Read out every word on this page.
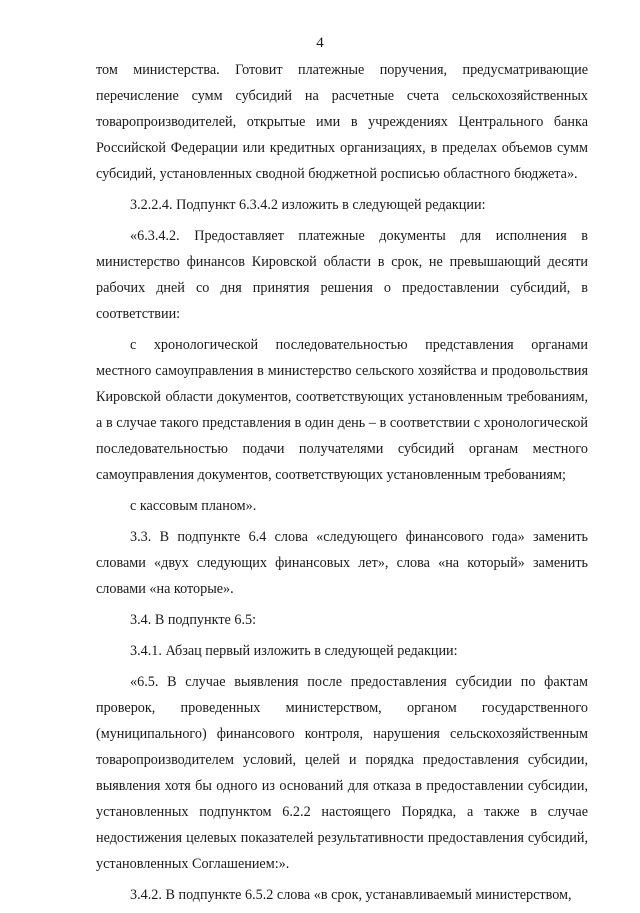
4

том министерства. Готовит платежные поручения, предусматривающие перечисление сумм субсидий на расчетные счета сельскохозяйственных товаропроизводителей, открытые ими в учреждениях Центрального банка Российской Федерации или кредитных организациях, в пределах объемов сумм субсидий, установленных сводной бюджетной росписью областного бюджета».

3.2.2.4. Подпункт 6.3.4.2 изложить в следующей редакции:

«6.3.4.2. Предоставляет платежные документы для исполнения в министерство финансов Кировской области в срок, не превышающий десяти рабочих дней со дня принятия решения о предоставлении субсидий, в соответствии:

с хронологической последовательностью представления органами местного самоуправления в министерство сельского хозяйства и продовольствия Кировской области документов, соответствующих установленным требованиям, а в случае такого представления в один день – в соответствии с хронологической последовательностью подачи получателями субсидий органам местного самоуправления документов, соответствующих установленным требованиям;

с кассовым планом».

3.3. В подпункте 6.4 слова «следующего финансового года» заменить словами «двух следующих финансовых лет», слова «на который» заменить словами «на которые».

3.4. В подпункте 6.5:

3.4.1. Абзац первый изложить в следующей редакции:

«6.5. В случае выявления после предоставления субсидии по фактам проверок, проведенных министерством, органом государственного (муниципального) финансового контроля, нарушения сельскохозяйственным товаропроизводителем условий, целей и порядка предоставления субсидии, выявления хотя бы одного из оснований для отказа в предоставлении субсидии, установленных подпунктом 6.2.2 настоящего Порядка, а также в случае недостижения целевых показателей результативности предоставления субсидий, установленных Соглашением:».

3.4.2. В подпункте 6.5.2 слова «в срок, устанавливаемый министерством,
